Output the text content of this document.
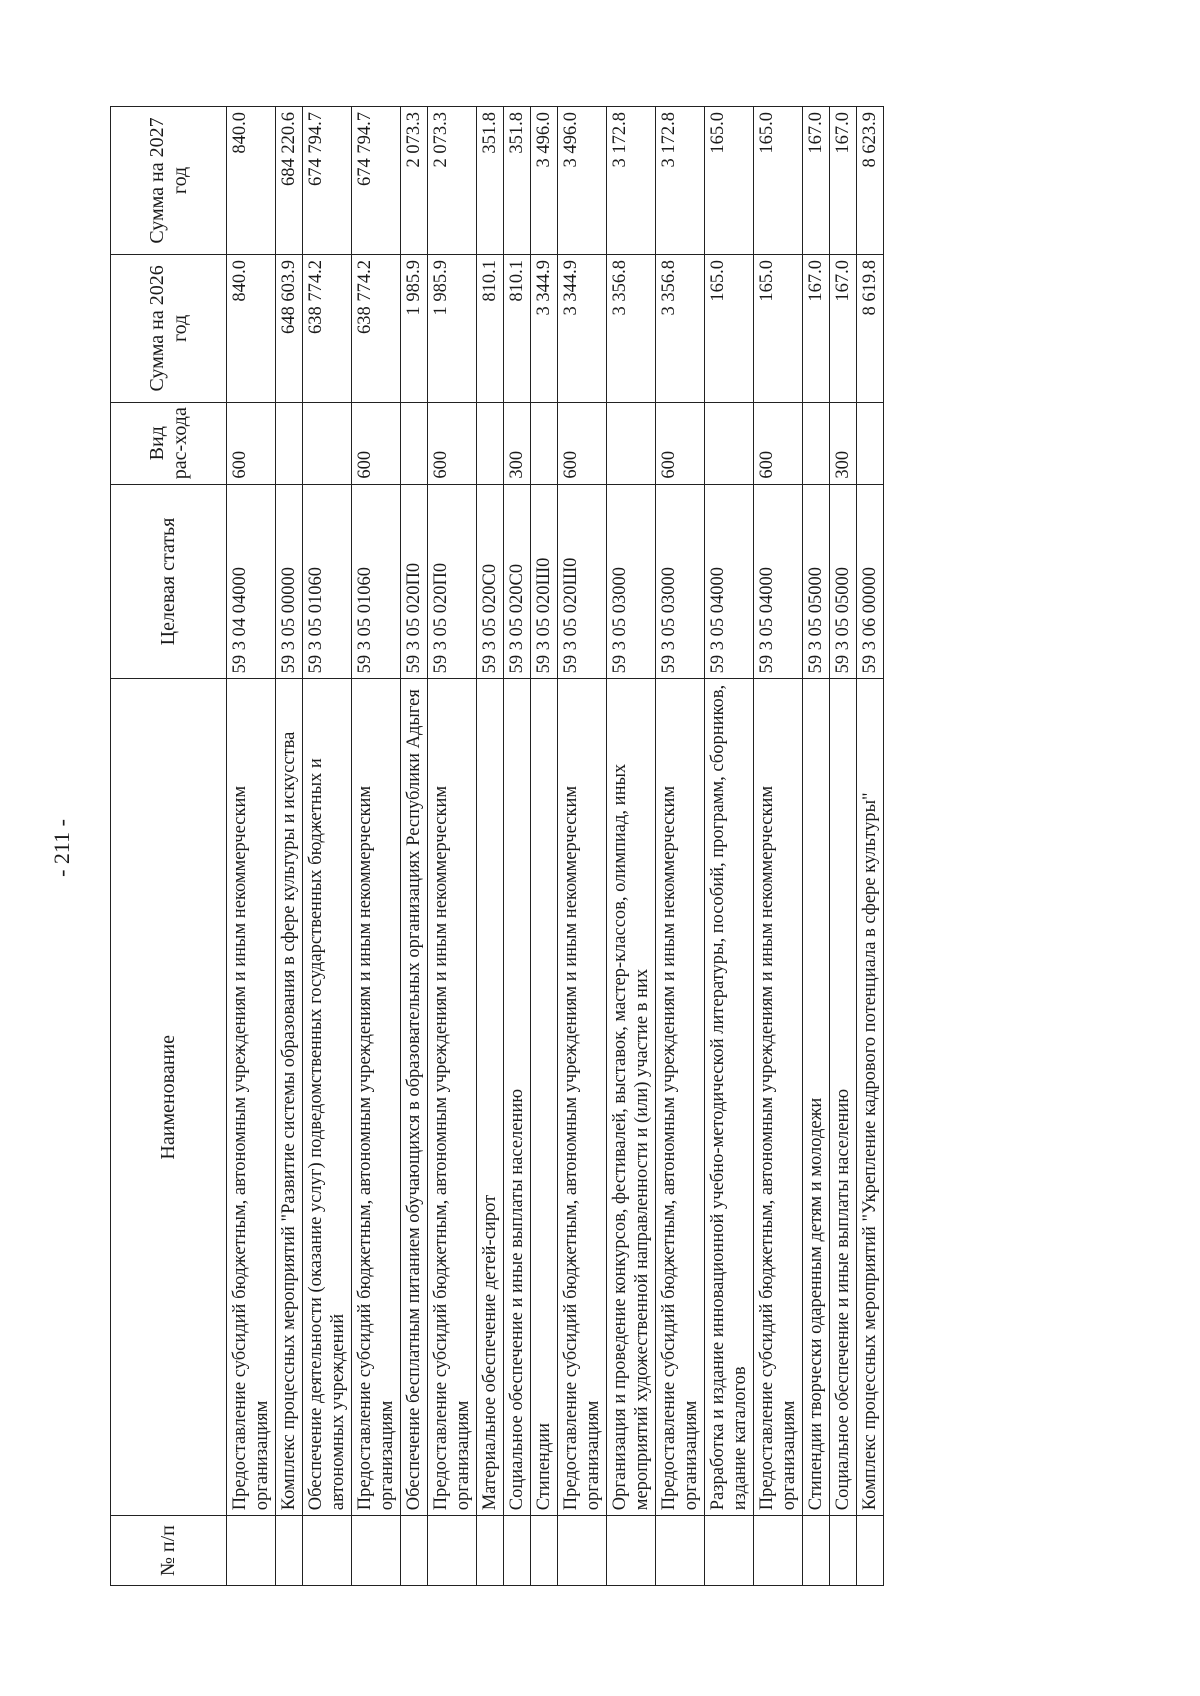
- 211 -
№ п/п	Наименование	Целевая статья	Вид рас-хода	Сумма на 2026 год	Сумма на 2027 год
	Предоставление субсидий бюджетным, автономным учреждениям и иным некоммерческим организациям	59 3 04 04000	600	840.0	840.0
	Комплекс процессных мероприятий "Развитие системы образования в сфере культуры и искусства	59 3 05 00000		648 603.9	684 220.6
	Обеспечение деятельности (оказание услуг) подведомственных государственных бюджетных и автономных учреждений	59 3 05 01060		638 774.2	674 794.7
	Предоставление субсидий бюджетным, автономным учреждениям и иным некоммерческим организациям	59 3 05 01060	600	638 774.2	674 794.7
	Обеспечение бесплатным питанием обучающихся в образовательных организациях Республики Адыгея	59 3 05 020П0		1 985.9	2 073.3
	Предоставление субсидий бюджетным, автономным учреждениям и иным некоммерческим организациям	59 3 05 020П0	600	1 985.9	2 073.3
	Материальное обеспечение детей-сирот	59 3 05 020С0		810.1	351.8
	Социальное обеспечение и иные выплаты населению	59 3 05 020С0	300	810.1	351.8
	Стипендии	59 3 05 020Ш0		3 344.9	3 496.0
	Предоставление субсидий бюджетным, автономным учреждениям и иным некоммерческим организациям	59 3 05 020Ш0	600	3 344.9	3 496.0
	Организация и проведение конкурсов, фестивалей, выставок, мастер-классов, олимпиад, иных мероприятий художественной направленности и (или) участие в них	59 3 05 03000		3 356.8	3 172.8
	Предоставление субсидий бюджетным, автономным учреждениям и иным некоммерческим организациям	59 3 05 03000	600	3 356.8	3 172.8
	Разработка и издание инновационной учебно-методической литературы, пособий, программ, сборников, издание каталогов	59 3 05 04000		165.0	165.0
	Предоставление субсидий бюджетным, автономным учреждениям и иным некоммерческим организациям	59 3 05 04000	600	165.0	165.0
	Стипендии творчески одаренным детям и молодежи	59 3 05 05000		167.0	167.0
	Социальное обеспечение и иные выплаты населению	59 3 05 05000	300	167.0	167.0
	Комплекс процессных мероприятий "Укрепление кадрового потенциала в сфере культуры"	59 3 06 00000		8 619.8	8 623.9
